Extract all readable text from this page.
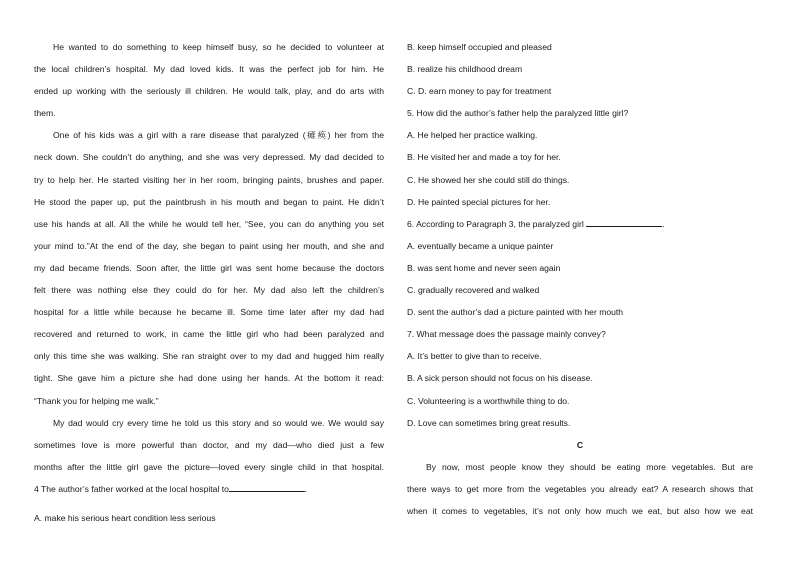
He wanted to do something to keep himself busy, so he decided to volunteer at
the local children’s hospital. My dad loved kids. It was the perfect job for him. He
ended up working with the seriously ill children. He would talk, play, and do arts with
them.
One of his kids was a girl with a rare disease that paralyzed (瘫痪) her from the
neck down. She couldn’t do anything, and she was very depressed. My dad decided to
try to help her. He started visiting her in her room, bringing paints, brushes and paper.
He stood the paper up, put the paintbrush in his mouth and began to paint. He didn’t
use his hands at all. All the while he would tell her, “See, you can do anything you set
your mind to.”At the end of the day, she began to paint using her mouth, and she and
my dad became friends. Soon after, the little girl was sent home because the doctors
felt there was nothing else they could do for her. My dad also left the children’s
hospital for a little while because he became ill. Some time later after my dad had
recovered and returned to work, in came the little girl who had been paralyzed and
only this time she was walking. She ran straight over to my dad and hugged him really
tight. She gave him a picture she had done using her hands. At the bottom it read:
“Thank you for helping me walk.”
My dad would cry every time he told us this story and so would we. We would say
sometimes love is more powerful than doctor, and my dad—who died just a few
months after the little girl gave the picture—loved every single child in that hospital.
4 The author’s father worked at the local hospital to	.
A. make his serious heart condition less serious
B. keep himself occupied and pleased
B. realize his childhood dream
C. D. earn money to pay for treatment
5. How did the author’s father help the paralyzed little girl?
A. He helped her practice walking.
B. He visited her and made a toy for her.
C. He showed her she could still do things.
D. He painted special pictures for her.
6. According to Paragraph 3, the paralyzed girl	.
A. eventually became a unique painter
B. was sent home and never seen again
C. gradually recovered and walked
D. sent the author’s dad a picture painted with her mouth
7. What message does the passage mainly convey?
A. It’s better to give than to receive.
B. A sick person should not focus on his disease.
C. Volunteering is a worthwhile thing to do.
D. Love can sometimes bring great results.
C
By now, most people know they should be eating more vegetables. But are
there ways to get more from the vegetables you already eat? A research shows that
when it comes to vegetables, it’s not only how much we eat, but also how we eat
